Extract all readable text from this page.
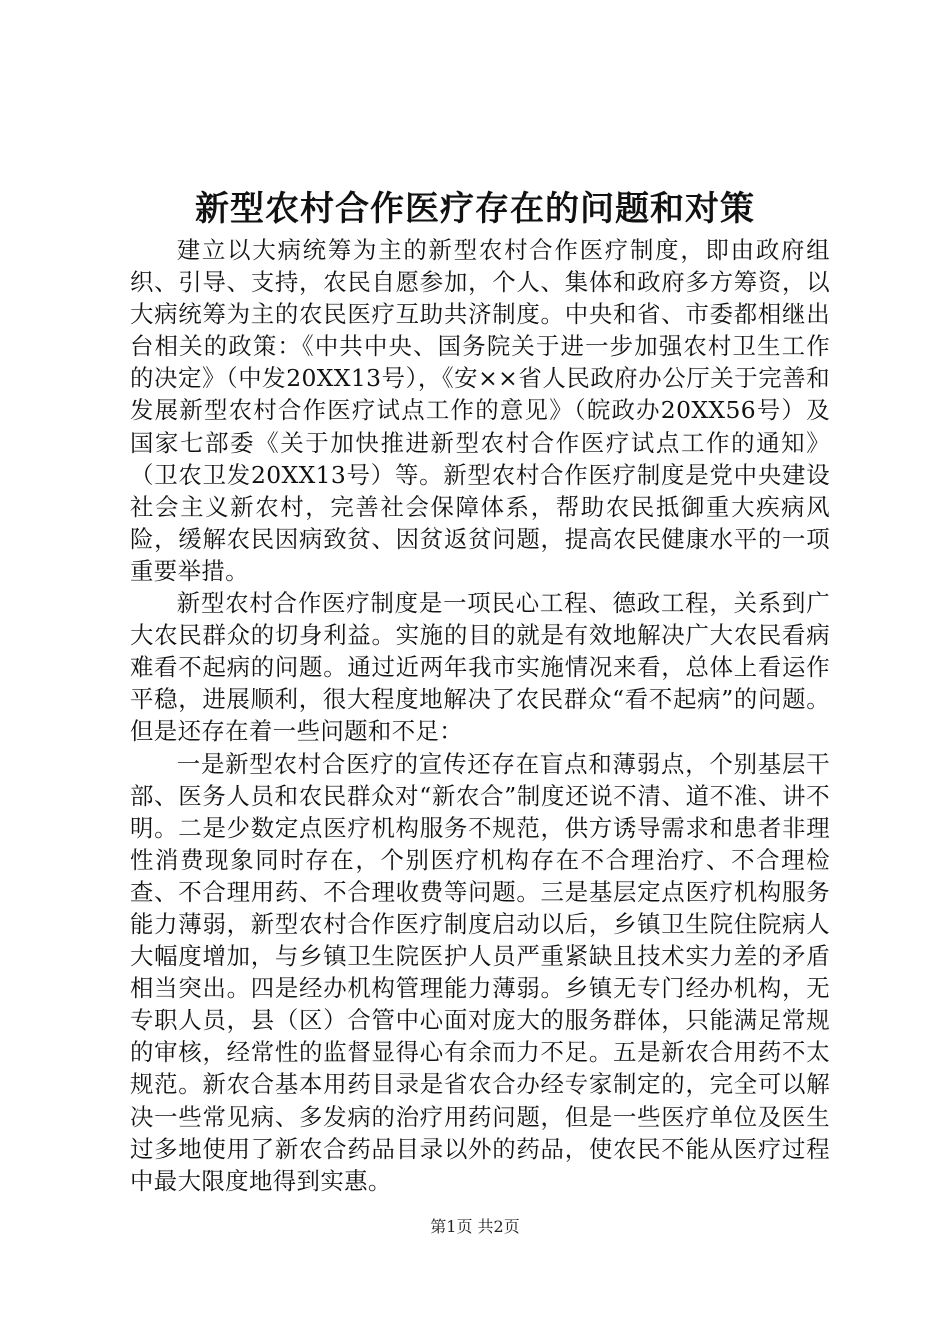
新型农村合作医疗存在的问题和对策

建立以大病统筹为主的新型农村合作医疗制度，即由政府组织、引导、支持，农民自愿参加，个人、集体和政府多方筹资，以大病统筹为主的农民医疗互助共济制度。中央和省、市委都相继出台相关的政策：《中共中央、国务院关于进一步加强农村卫生工作的决定》（中发20XX13号），《安××省人民政府办公厅关于完善和发展新型农村合作医疗试点工作的意见》（皖政办20XX56号）及国家七部委《关于加快推进新型农村合作医疗试点工作的通知》（卫农卫发20XX13号）等。新型农村合作医疗制度是党中央建设社会主义新农村，完善社会保障体系，帮助农民抵御重大疾病风险，缓解农民因病致贫、因贫返贫问题，提高农民健康水平的一项重要举措。

新型农村合作医疗制度是一项民心工程、德政工程，关系到广大农民群众的切身利益。实施的目的就是有效地解决广大农民看病难看不起病的问题。通过近两年我市实施情况来看，总体上看运作平稳，进展顺利，很大程度地解决了农民群众“看不起病”的问题。但是还存在着一些问题和不足：

一是新型农村合医疗的宣传还存在盲点和薄弱点，个别基层干部、医务人员和农民群众对“新农合”制度还说不清、道不准、讲不明。二是少数定点医疗机构服务不规范，供方诱导需求和患者非理性消费现象同时存在，个别医疗机构存在不合理治疗、不合理检查、不合理用药、不合理收费等问题。三是基层定点医疗机构服务能力薄弱，新型农村合作医疗制度启动以后，乡镇卫生院住院病人大幅度增加，与乡镇卫生院医护人员严重紧缺且技术实力差的矛盾相当突出。四是经办机构管理能力薄弱。乡镇无专门经办机构，无专职人员，县（区）合管中心面对庞大的服务群体，只能满足常规的审核，经常性的监督显得心有余而力不足。五是新农合用药不太规范。新农合基本用药目录是省农合办经专家制定的，完全可以解决一些常见病、多发病的治疗用药问题，但是一些医疗单位及医生过多地使用了新农合药品目录以外的药品，使农民不能从医疗过程中最大限度地得到实惠。

第1页 共2页
